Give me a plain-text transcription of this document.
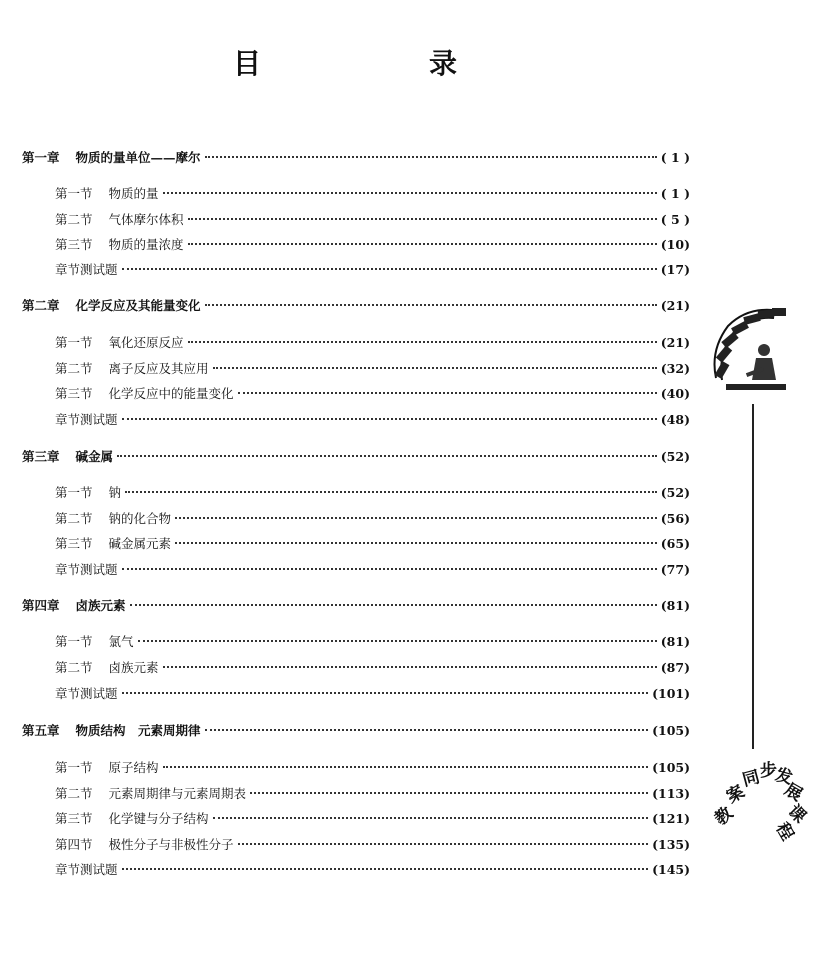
目　录
第一章 物质的量单位——摩尔	( 1 )
第一节 物质的量	( 1 )
第二节 气体摩尔体积	( 5 )
第三节 物质的量浓度	(10)
章节测试题	(17)
第二章 化学反应及其能量变化	(21)
第一节 氧化还原反应	(21)
第二节 离子反应及其应用	(32)
第三节 化学反应中的能量变化	(40)
章节测试题	(48)
第三章 碱金属	(52)
第一节 钠	(52)
第二节 钠的化合物	(56)
第三节 碱金属元素	(65)
章节测试题	(77)
第四章 卤族元素	(81)
第一节 氯气	(81)
第二节 卤族元素	(87)
章节测试题	(101)
第五章 物质结构　元素周期律	(105)
第一节 原子结构	(105)
第二节 元素周期律与元素周期表	(113)
第三节 化学键与分子结构	(121)
第四节 极性分子与非极性分子	(135)
章节测试题	(145)
教
案
同
步
发
展
课
程
